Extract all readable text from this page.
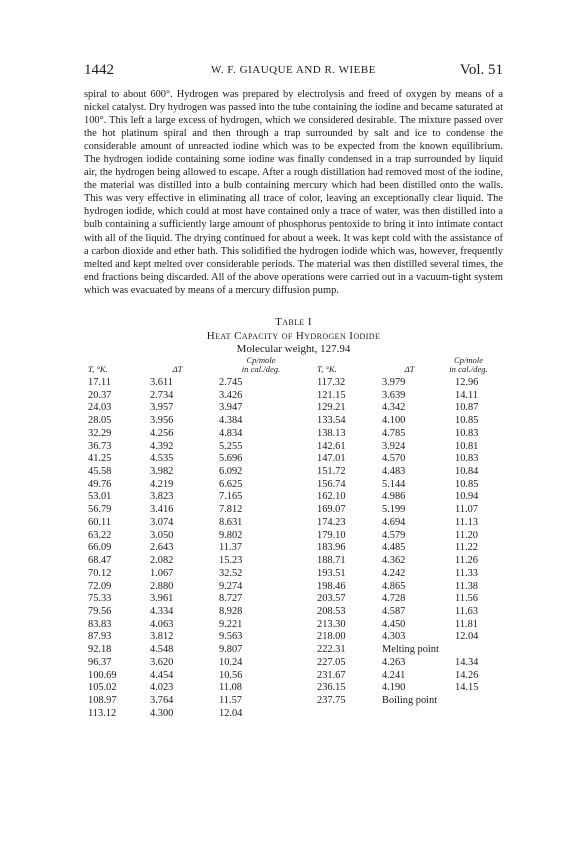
1442	W. F. GIAUQUE AND R. WIEBE	Vol. 51

spiral to about 600°. Hydrogen was prepared by electrolysis and freed of oxygen by means of a nickel catalyst. Dry hydrogen was passed into the tube containing the iodine and became saturated at 100°. This left a large excess of hydrogen, which we considered desirable. The mixture passed over the hot platinum spiral and then through a trap surrounded by salt and ice to condense the considerable amount of unreacted iodine which was to be expected from the known equilibrium. The hydrogen iodide containing some iodine was finally condensed in a trap surrounded by liquid air, the hydrogen being allowed to escape. After a rough distillation had removed most of the iodine, the material was distilled into a bulb containing mercury which had been distilled onto the walls. This was very effective in eliminating all trace of color, leaving an exceptionally clear liquid. The hydrogen iodide, which could at most have contained only a trace of water, was then distilled into a bulb containing a sufficiently large amount of phosphorus pentoxide to bring it into intimate contact with all of the liquid. The drying continued for about a week. It was kept cold with the assistance of a carbon dioxide and ether bath. This solidified the hydrogen iodide which was, however, frequently melted and kept melted over considerable periods. The material was then distilled several times, the end fractions being discarded. All of the above operations were carried out in a vacuum-tight system which was evacuated by means of a mercury diffusion pump.

Table I

Heat Capacity of Hydrogen Iodide

Molecular weight, 127.94

T, °K.	ΔT	Cp/mole
in cal./deg.	T, °K.	ΔT	Cp/mole
in cal./deg.
17.11	3.611	2.745	117.32	3.979	12.96
20.37	2.734	3.426	121.15	3.639	14.11
24.03	3.957	3.947	129.21	4.342	10.87
28.05	3.956	4.384	133.54	4.100	10.85
32.29	4.256	4.834	138.13	4.785	10.83
36.73	4.392	5.255	142.61	3.924	10.81
41.25	4.535	5.696	147.01	4.570	10.83
45.58	3.982	6.092	151.72	4.483	10.84
49.76	4.219	6.625	156.74	5.144	10.85
53.01	3.823	7.165	162.10	4.986	10.94
56.79	3.416	7.812	169.07	5.199	11.07
60.11	3.074	8.631	174.23	4.694	11.13
63.22	3.050	9.802	179.10	4.579	11.20
66.09	2.643	11.37	183.96	4.485	11.22
68.47	2.082	15.23	188.71	4.362	11.26
70.12	1.067	32.52	193.51	4.242	11.33
72.09	2.880	9.274	198.46	4.865	11.38
75.33	3.961	8.727	203.57	4.728	11.56
79.56	4.334	8.928	208.53	4.587	11.63
83.83	4.063	9.221	213.30	4.450	11.81
87.93	3.812	9.563	218.00	4.303	12.04
92.18	4.548	9.807	222.31	Melting point	
96.37	3.620	10.24	227.05	4.263	14.34
100.69	4.454	10.56	231.67	4.241	14.26
105.02	4.023	11.08	236.15	4.190	14.15
108.97	3.764	11.57	237.75	Boiling point	
113.12	4.300	12.04			
